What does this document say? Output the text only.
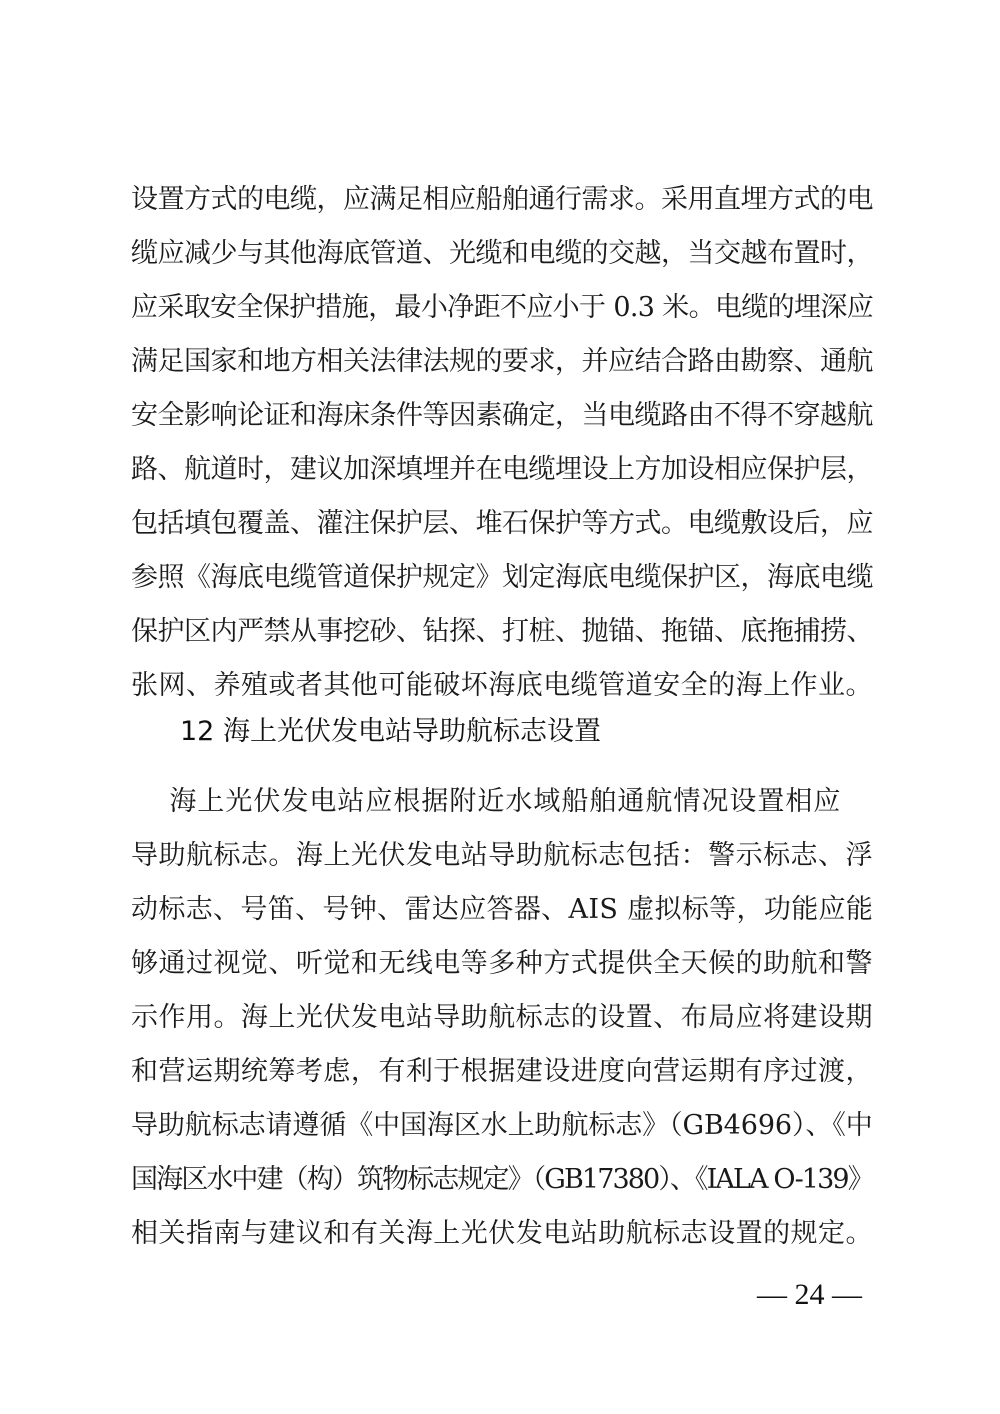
设置方式的电缆，应满足相应船舶通行需求。采用直埋方式的电
缆应减少与其他海底管道、光缆和电缆的交越，当交越布置时，
应采取安全保护措施，最小净距不应小于 0.3 米。电缆的埋深应
满足国家和地方相关法律法规的要求，并应结合路由勘察、通航
安全影响论证和海床条件等因素确定，当电缆路由不得不穿越航
路、航道时，建议加深填埋并在电缆埋设上方加设相应保护层，
包括填包覆盖、灌注保护层、堆石保护等方式。电缆敷设后，应
参照《海底电缆管道保护规定》划定海底电缆保护区，海底电缆
保护区内严禁从事挖砂、钻探、打桩、抛锚、拖锚、底拖捕捞、
张网、养殖或者其他可能破坏海底电缆管道安全的海上作业。
12 海上光伏发电站导助航标志设置
海上光伏发电站应根据附近水域船舶通航情况设置相应
导助航标志。海上光伏发电站导助航标志包括：警示标志、浮
动标志、号笛、号钟、雷达应答器、AIS 虚拟标等，功能应能
够通过视觉、听觉和无线电等多种方式提供全天候的助航和警
示作用。海上光伏发电站导助航标志的设置、布局应将建设期
和营运期统筹考虑，有利于根据建设进度向营运期有序过渡，
导助航标志请遵循《中国海区水上助航标志》（GB4696）、《中
国海区水中建（构）筑物标志规定》（GB17380）、《IALA O-139》
相关指南与建议和有关海上光伏发电站助航标志设置的规定。
— 24 —
